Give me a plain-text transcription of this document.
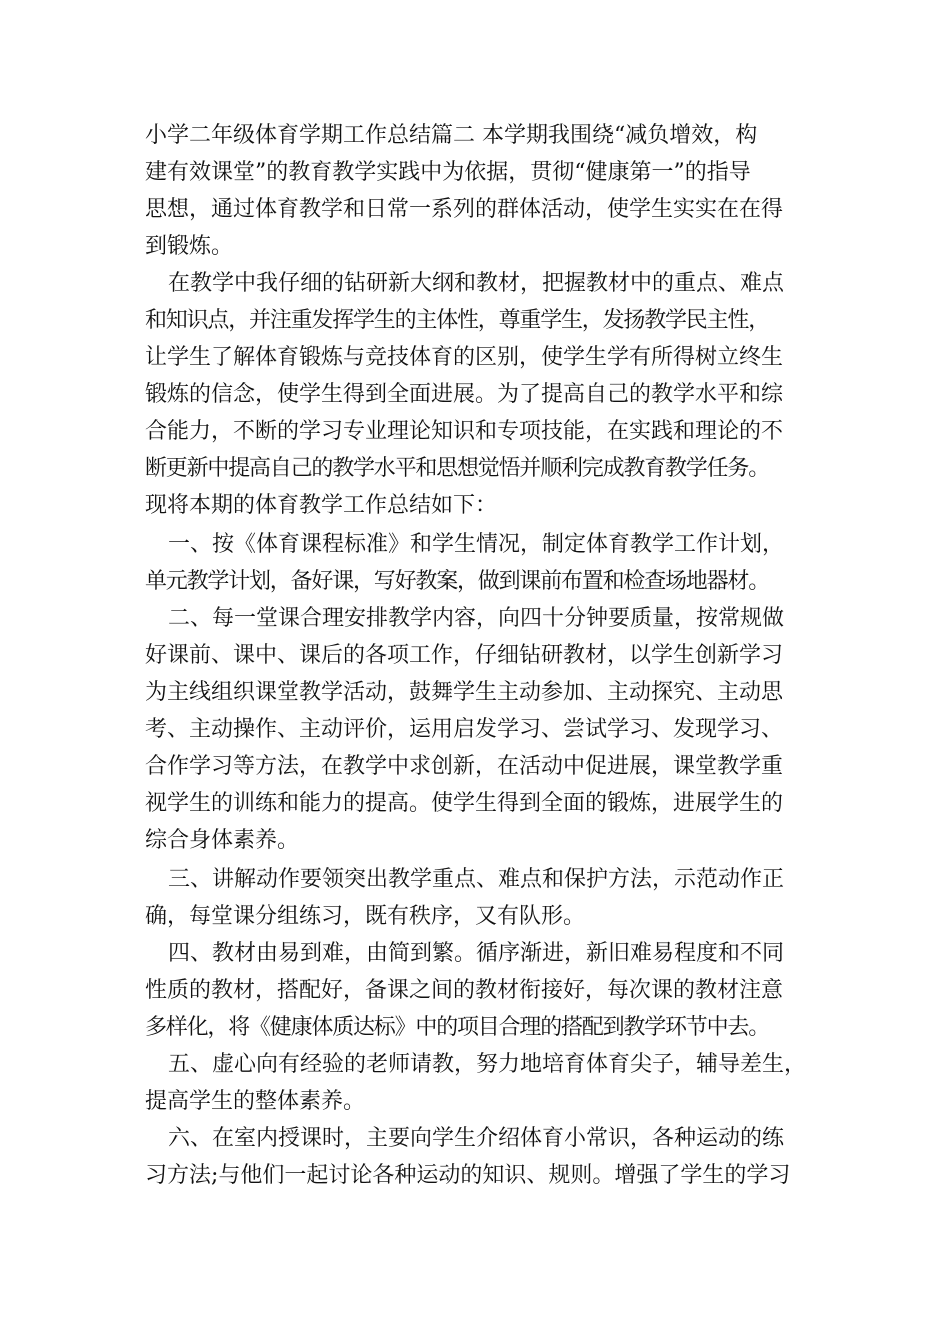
小学二年级体育学期工作总结篇二 本学期我围绕“减负增效，构
建有效课堂”的教育教学实践中为依据，贯彻“健康第一”的指导
思想，通过体育教学和日常一系列的群体活动，使学生实实在在得
到锻炼。
在教学中我仔细的钻研新大纲和教材，把握教材中的重点、难点
和知识点，并注重发挥学生的主体性，尊重学生，发扬教学民主性，
让学生了解体育锻炼与竞技体育的区别，使学生学有所得树立终生
锻炼的信念，使学生得到全面进展。为了提高自己的教学水平和综
合能力，不断的学习专业理论知识和专项技能，在实践和理论的不
断更新中提高自己的教学水平和思想觉悟并顺利完成教育教学任务。
现将本期的体育教学工作总结如下：
一、按《体育课程标准》和学生情况，制定体育教学工作计划，
单元教学计划，备好课，写好教案，做到课前布置和检查场地器材。
二、每一堂课合理安排教学内容，向四十分钟要质量，按常规做
好课前、课中、课后的各项工作，仔细钻研教材，以学生创新学习
为主线组织课堂教学活动，鼓舞学生主动参加、主动探究、主动思
考、主动操作、主动评价，运用启发学习、尝试学习、发现学习、
合作学习等方法，在教学中求创新，在活动中促进展，课堂教学重
视学生的训练和能力的提高。使学生得到全面的锻炼，进展学生的
综合身体素养。
三、讲解动作要领突出教学重点、难点和保护方法，示范动作正
确，每堂课分组练习，既有秩序，又有队形。
四、教材由易到难，由简到繁。循序渐进，新旧难易程度和不同
性质的教材，搭配好，备课之间的教材衔接好，每次课的教材注意
多样化，将《健康体质达标》中的项目合理的搭配到教学环节中去。
五、虚心向有经验的老师请教，努力地培育体育尖子，辅导差生，
提高学生的整体素养。
六、在室内授课时，主要向学生介绍体育小常识，各种运动的练
习方法;与他们一起讨论各种运动的知识、规则。增强了学生的学习
